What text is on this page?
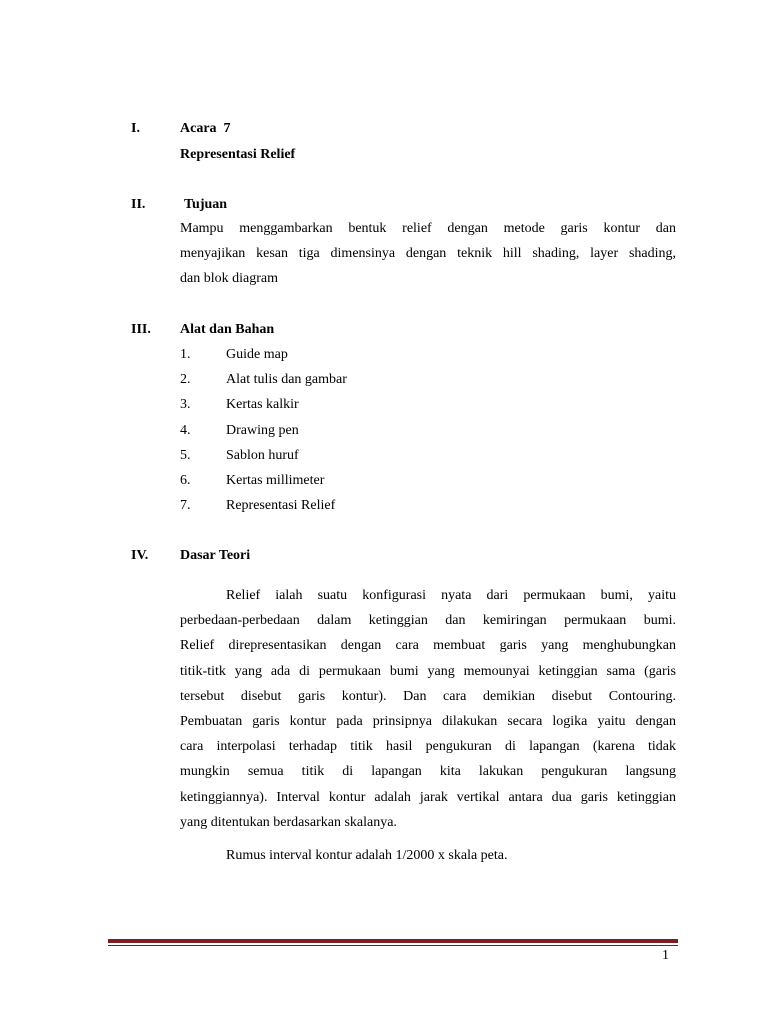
I.	Acara  7
Representasi Relief
II.	Tujuan
Mampu menggambarkan bentuk relief dengan metode garis kontur dan
menyajikan kesan tiga dimensinya dengan teknik hill shading, layer shading,
dan blok diagram
III. Alat dan Bahan
1.	Guide map
2.	Alat tulis dan gambar
3.	Kertas kalkir
4.	Drawing pen
5.	Sablon huruf
6.	Kertas millimeter
7.	Representasi Relief
IV. Dasar Teori
Relief ialah suatu konfigurasi nyata dari permukaan bumi, yaitu
perbedaan-perbedaan dalam ketinggian dan kemiringan permukaan bumi.
Relief direpresentasikan dengan cara membuat garis yang menghubungkan
titik-titk yang ada di permukaan bumi yang memounyai ketinggian sama (garis
tersebut disebut garis kontur). Dan cara demikian disebut Contouring.
Pembuatan garis kontur pada prinsipnya dilakukan secara logika yaitu dengan
cara interpolasi terhadap titik hasil pengukuran di lapangan (karena tidak
mungkin semua titik di lapangan kita lakukan pengukuran langsung
ketinggiannya). Interval kontur adalah jarak vertikal antara dua garis ketinggian
yang ditentukan berdasarkan skalanya.
Rumus interval kontur adalah 1/2000 x skala peta.
1
